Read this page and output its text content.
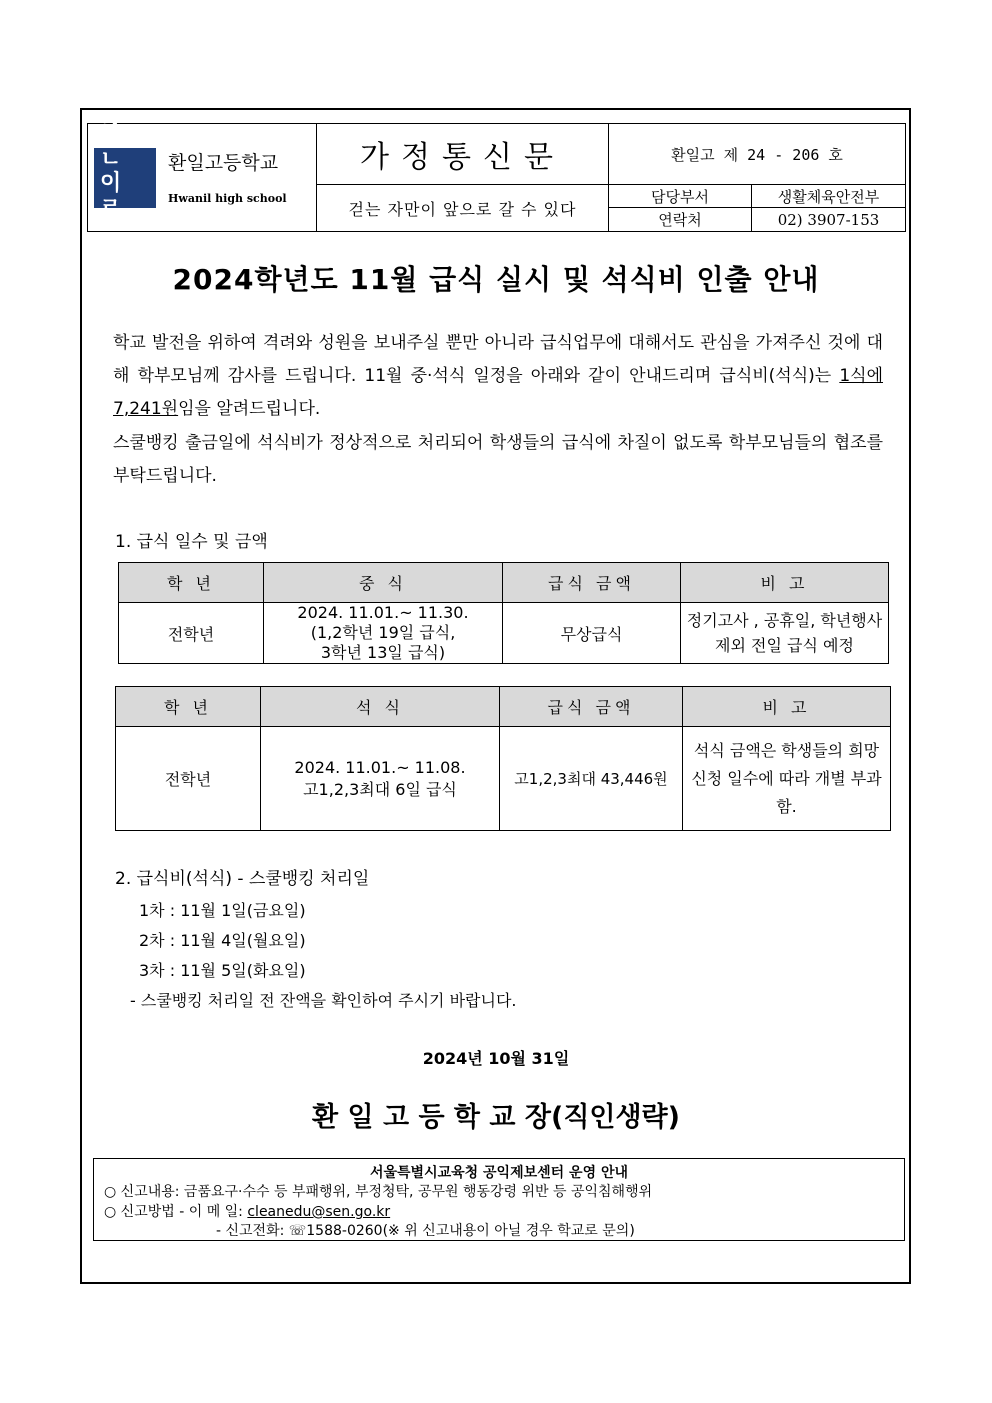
화 ㄴ
이 ㄹ
Woonbwa Educational Foundation
환일고등학교
Hwanil high school	가정통신문	환일고 제 24 - 206 호	
	걷는 자만이 앞으로 갈 수 있다	담당부서	생활체육안전부
		연락처	02) 3907-153
2024학년도 11월 급식 실시 및 석식비 인출 안내
학교 발전을 위하여 격려와 성원을 보내주실 뿐만 아니라 급식업무에 대해서도 관심을 가져주신 것에 대해 학부모님께 감사를 드립니다. 11월 중·석식 일정을 아래와 같이 안내드리며 급식비(석식)는 1식에 7,241원임을 알려드립니다.
스쿨뱅킹 출금일에 석식비가 정상적으로 처리되어 학생들의 급식에 차질이 없도록 학부모님들의 협조를 부탁드립니다.
1. 급식 일수 및 금액
학 년	중 식	급식 금액	비 고
전학년	2024. 11.01.~ 11.30.
(1,2학년 19일 급식,
3학년 13일 급식)	무상급식	정기고사 , 공휴일, 학년행사 제외 전일 급식 예정
학 년	석 식	급식 금액	비 고
전학년	2024. 11.01.~ 11.08.
고1,2,3최대 6일 급식	고1,2,3최대 43,446원	석식 금액은 학생들의 희망 신청 일수에 따라 개별 부과함.
2. 급식비(석식) - 스쿨뱅킹 처리일
1차 : 11월 1일(금요일)
2차 : 11월 4일(월요일)
3차 : 11월 5일(화요일)
- 스쿨뱅킹 처리일 전 잔액을 확인하여 주시기 바랍니다.
2024년 10월 31일
환 일 고 등 학 교 장(직인생략)
서울특별시교육청 공익제보센터 운영 안내
○ 신고내용: 금품요구·수수 등 부패행위, 부정청탁, 공무원 행동강령 위반 등 공익침해행위
○ 신고방법 - 이 메 일: cleanedu@sen.go.kr
- 신고전화: ☏1588-0260(※ 위 신고내용이 아닐 경우 학교로 문의)
